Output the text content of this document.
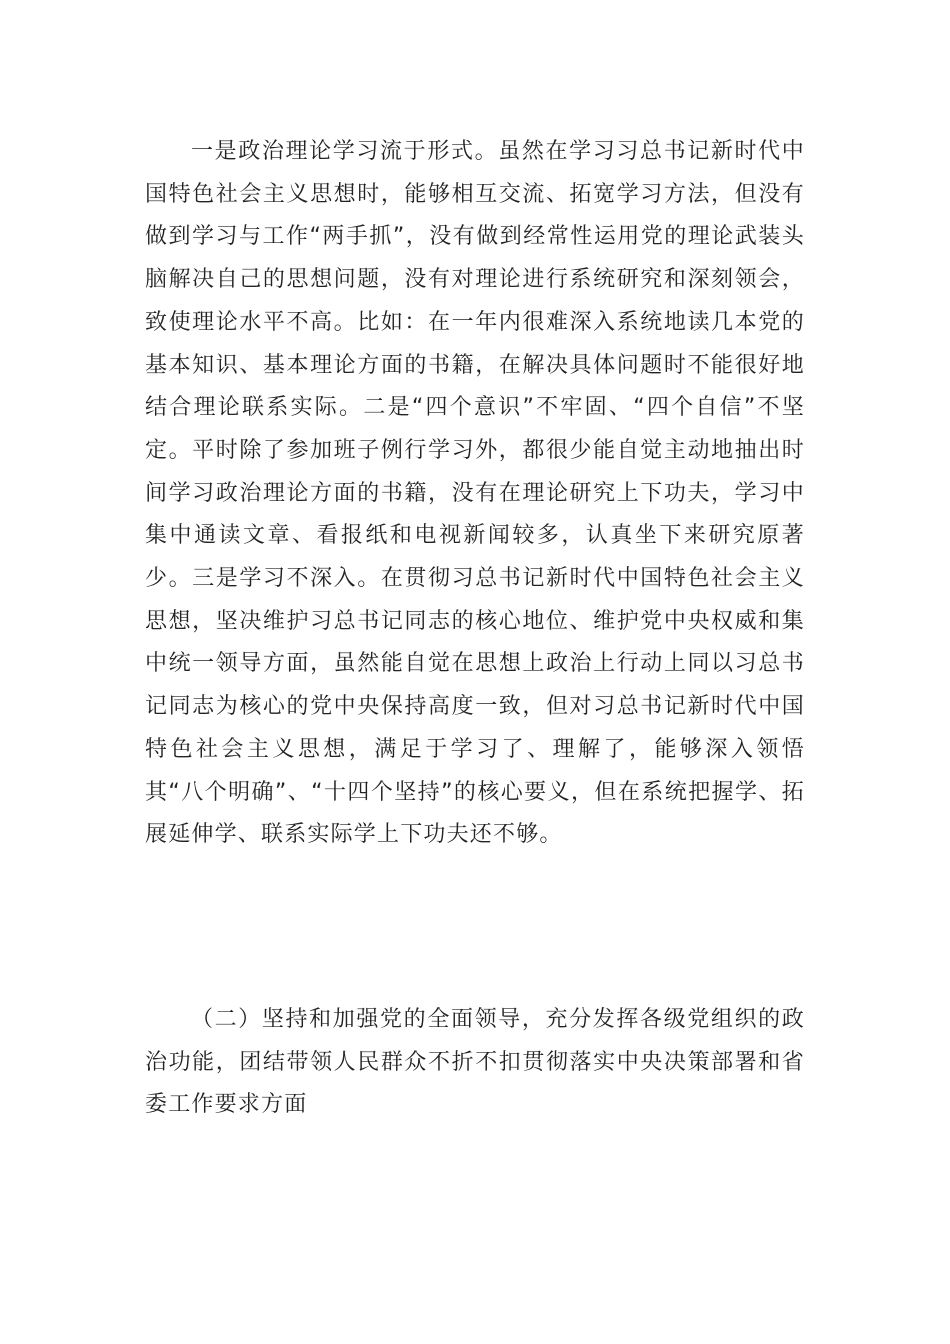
一是政治理论学习流于形式。虽然在学习习总书记新时代中国特色社会主义思想时，能够相互交流、拓宽学习方法，但没有做到学习与工作“两手抓”，没有做到经常性运用党的理论武装头脑解决自己的思想问题，没有对理论进行系统研究和深刻领会，致使理论水平不高。比如：在一年内很难深入系统地读几本党的基本知识、基本理论方面的书籍，在解决具体问题时不能很好地结合理论联系实际。二是“四个意识”不牢固、“四个自信”不坚定。平时除了参加班子例行学习外，都很少能自觉主动地抽出时间学习政治理论方面的书籍，没有在理论研究上下功夫，学习中集中通读文章、看报纸和电视新闻较多，认真坐下来研究原著少。三是学习不深入。在贯彻习总书记新时代中国特色社会主义思想，坚决维护习总书记同志的核心地位、维护党中央权威和集中统一领导方面，虽然能自觉在思想上政治上行动上同以习总书记同志为核心的党中央保持高度一致，但对习总书记新时代中国特色社会主义思想，满足于学习了、理解了，能够深入领悟其“八个明确”、“十四个坚持”的核心要义，但在系统把握学、拓展延伸学、联系实际学上下功夫还不够。

（二）坚持和加强党的全面领导，充分发挥各级党组织的政治功能，团结带领人民群众不折不扣贯彻落实中央决策部署和省委工作要求方面
